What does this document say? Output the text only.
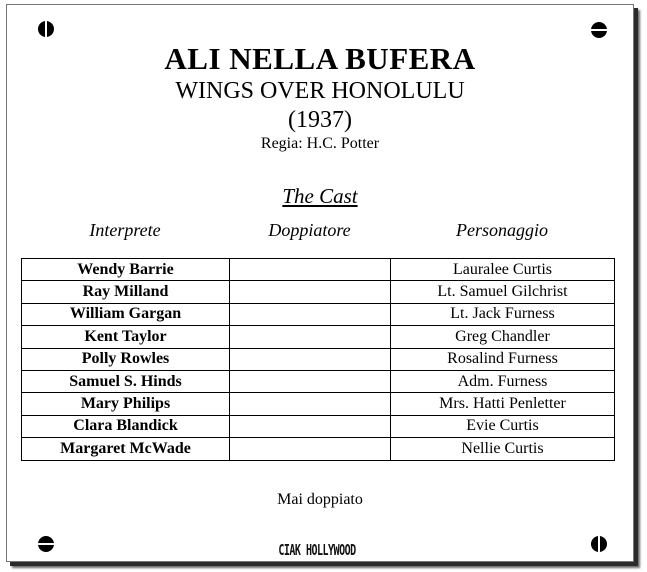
ALI NELLA BUFERA
WINGS OVER HONOLULU
(1937)
Regia: H.C. Potter
The Cast
Interprete	Doppiatore	Personaggio
Wendy Barrie		Lauralee Curtis
Ray Milland		Lt. Samuel Gilchrist
William Gargan		Lt. Jack Furness
Kent Taylor		Greg Chandler
Polly Rowles		Rosalind Furness
Samuel S. Hinds		Adm. Furness
Mary Philips		Mrs. Hatti Penletter
Clara Blandick		Evie Curtis
Margaret McWade		Nellie Curtis
Mai doppiato
CIAK HOLLYWOOD
